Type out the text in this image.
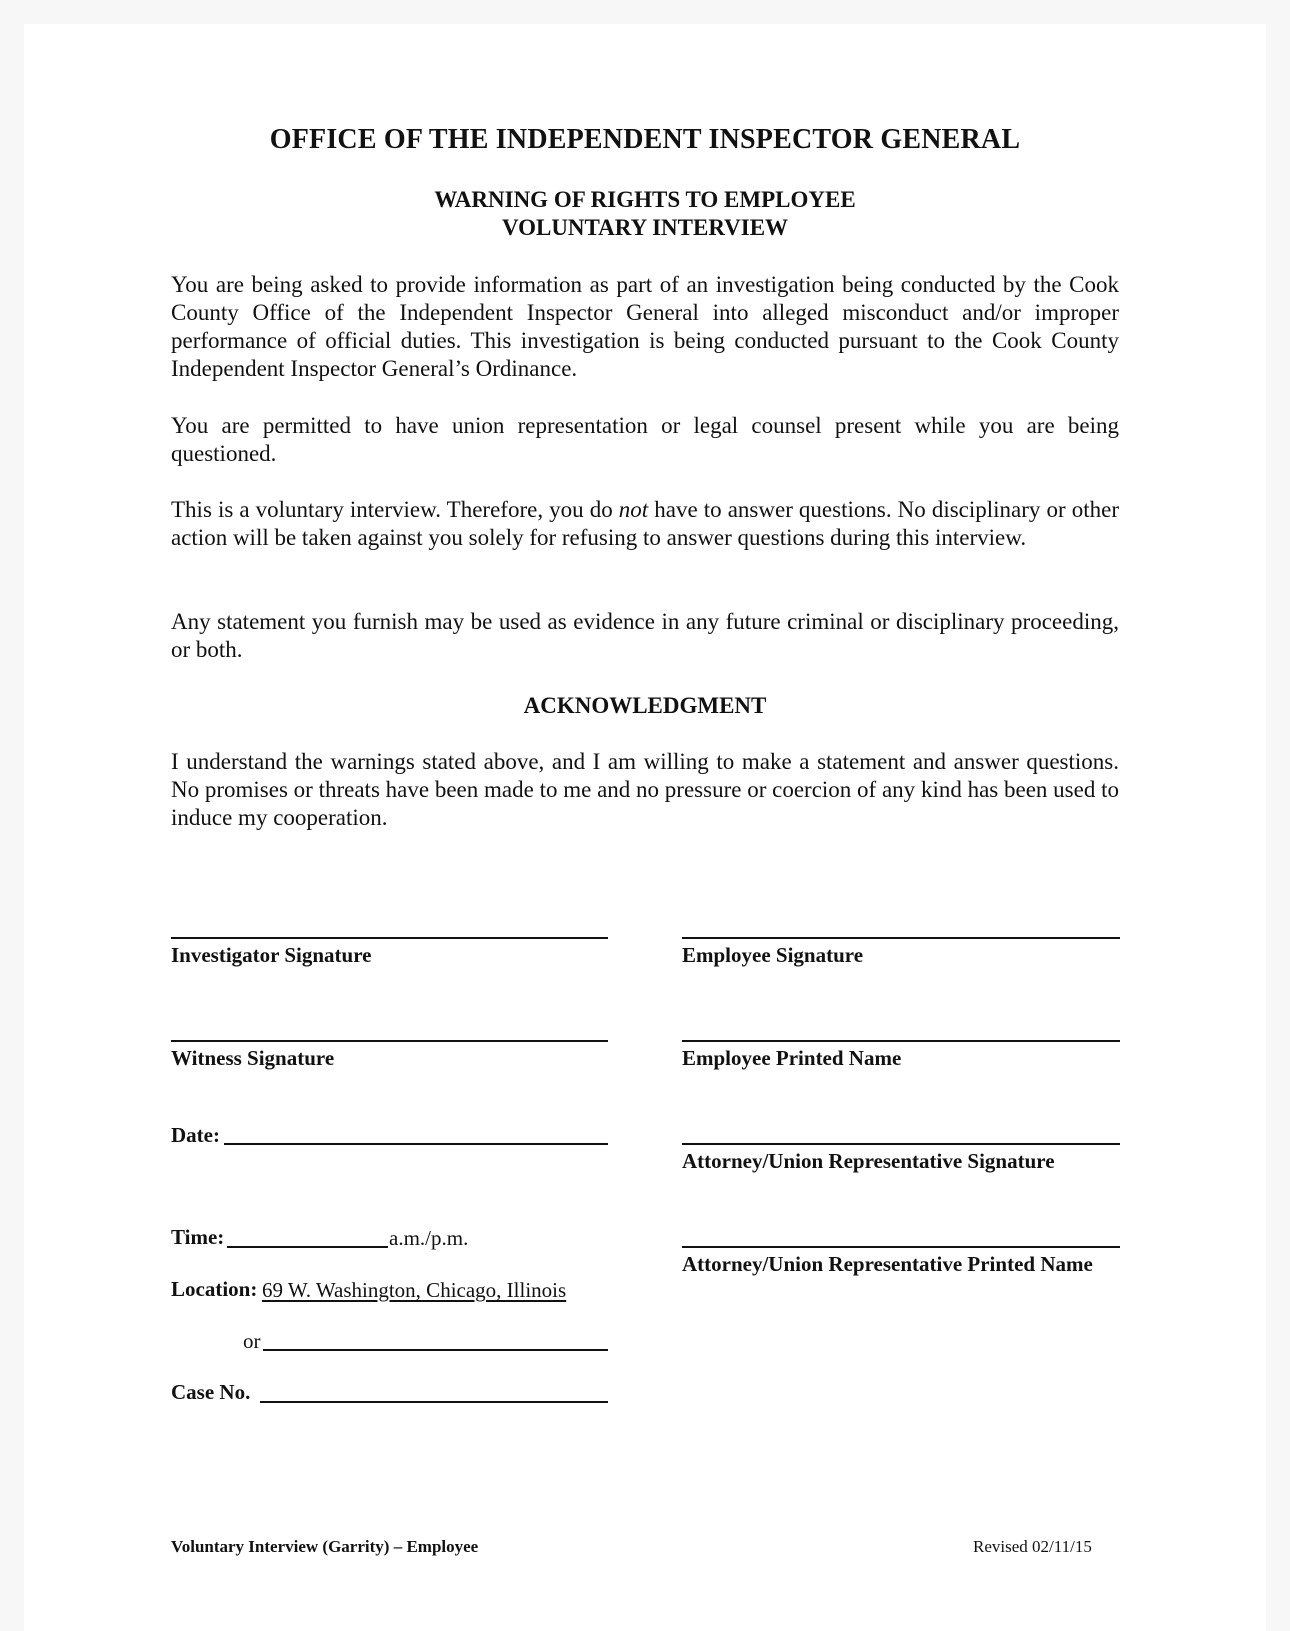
OFFICE OF THE INDEPENDENT INSPECTOR GENERAL
WARNING OF RIGHTS TO EMPLOYEE
VOLUNTARY INTERVIEW
You are being asked to provide information as part of an investigation being conducted by the Cook County Office of the Independent Inspector General into alleged misconduct and/or improper performance of official duties. This investigation is being conducted pursuant to the Cook County Independent Inspector General’s Ordinance.
You are permitted to have union representation or legal counsel present while you are being questioned.
This is a voluntary interview. Therefore, you do not have to answer questions. No disciplinary or other action will be taken against you solely for refusing to answer questions during this interview.
Any statement you furnish may be used as evidence in any future criminal or disciplinary proceeding, or both.
ACKNOWLEDGMENT
I understand the warnings stated above, and I am willing to make a statement and answer questions. No promises or threats have been made to me and no pressure or coercion of any kind has been used to induce my cooperation.
Investigator Signature
Witness Signature
Employee Signature
Employee Printed Name
Attorney/Union Representative Signature
Attorney/Union Representative Printed Name
Date:
Time:	a.m./p.m.
Location: 69 W. Washington, Chicago, Illinois
or
Case No.
Voluntary Interview (Garrity) – Employee	Revised 02/11/15
